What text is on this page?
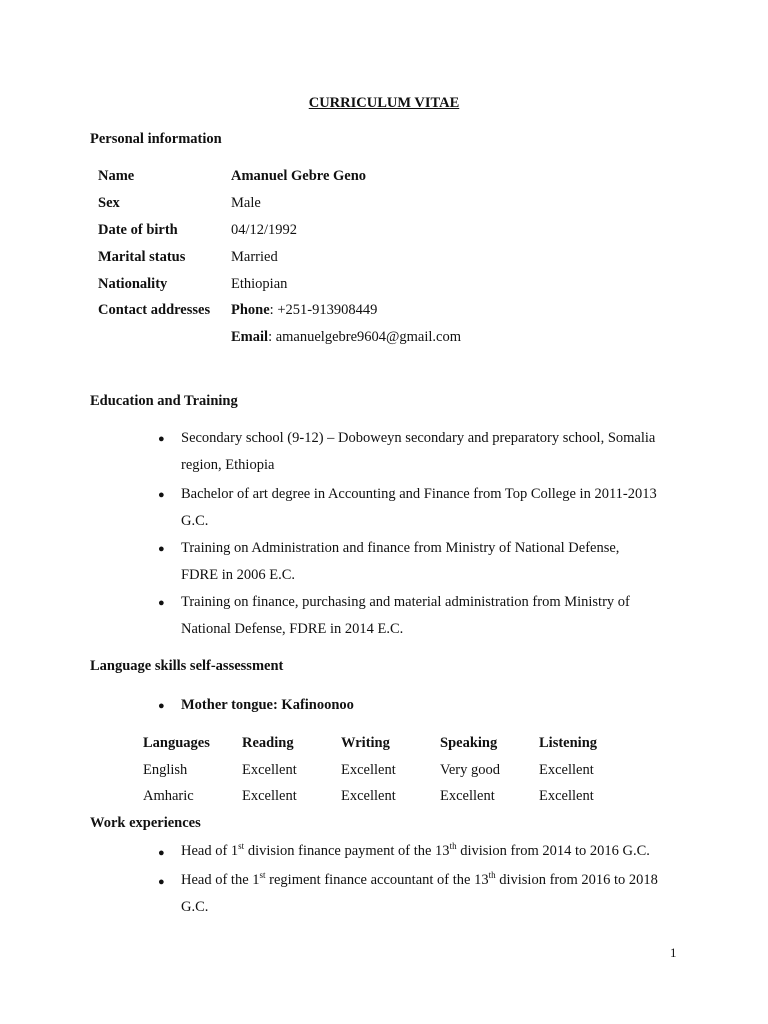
CURRICULUM VITAE
Personal information
Name	Amanuel Gebre Geno
Sex	Male
Date of birth	04/12/1992
Marital status	Married
Nationality	Ethiopian
Contact addresses Phone: +251-913908449
Email: amanuelgebre9604@gmail.com
Education and Training
● Secondary school (9-12) – Doboweyn secondary and preparatory school, Somalia region, Ethiopia
● Bachelor of art degree in Accounting and Finance from Top College in 2011-2013 G.C.
● Training on Administration and finance from Ministry of National Defense, FDRE in 2006 E.C.
● Training on finance, purchasing and material administration from Ministry of National Defense, FDRE in 2014 E.C.
Language skills self-assessment
● Mother tongue: Kafinoonoo
Languages Reading	Writing	Speaking	Listening
English	Excellent	Excellent	Very good	Excellent
Amharic	Excellent	Excellent	Excellent	Excellent
Work experiences
● Head of 1st division finance payment of the 13th division from 2014 to 2016 G.C.
● Head of the 1st regiment finance accountant of the 13th division from 2016 to 2018
G.C.
1
